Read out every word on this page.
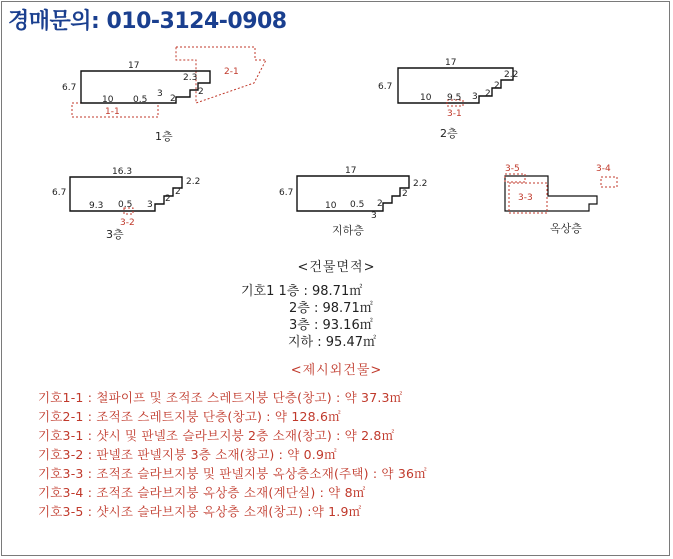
경매문의: 010-3124-0908
17
6.7
10 0.5	2
3
2.3
2
2-1
1-1
1층
17
6.7
10 9.5 3
2.2
2
2
3-1
2층
16.3
6.7
9.3 0.5 3
2
2
2.2
3-2
3층
17
6.7
10 0.5 2
3
2.2
2
지하층
3-5	3-4
3-3
옥상층
<건물면적>
기호1 1층 : 98.71㎡
2층 : 98.71㎡
3층 : 93.16㎡
지하 : 95.47㎡
<제시외건물>
기호1-1 : 철파이프 및 조적조 스레트지붕 단층(창고) : 약 37.3㎡
기호2-1 : 조적조 스레트지붕 단층(창고) : 약 128.6㎡
기호3-1 : 샷시 및 판넬조 슬라브지붕 2층 소재(창고) : 약 2.8㎡
기호3-2 : 판넬조 판넬지붕 3층 소재(창고) : 약 0.9㎡
기호3-3 : 조적조 슬라브지붕 및 판넬지붕 옥상층소재(주택) : 약 36㎡
기호3-4 : 조적조 슬라브지붕 옥상층 소재(계단실) : 약 8㎡
기호3-5 : 샷시조 슬라브지붕 옥상층 소재(창고) :약 1.9㎡
